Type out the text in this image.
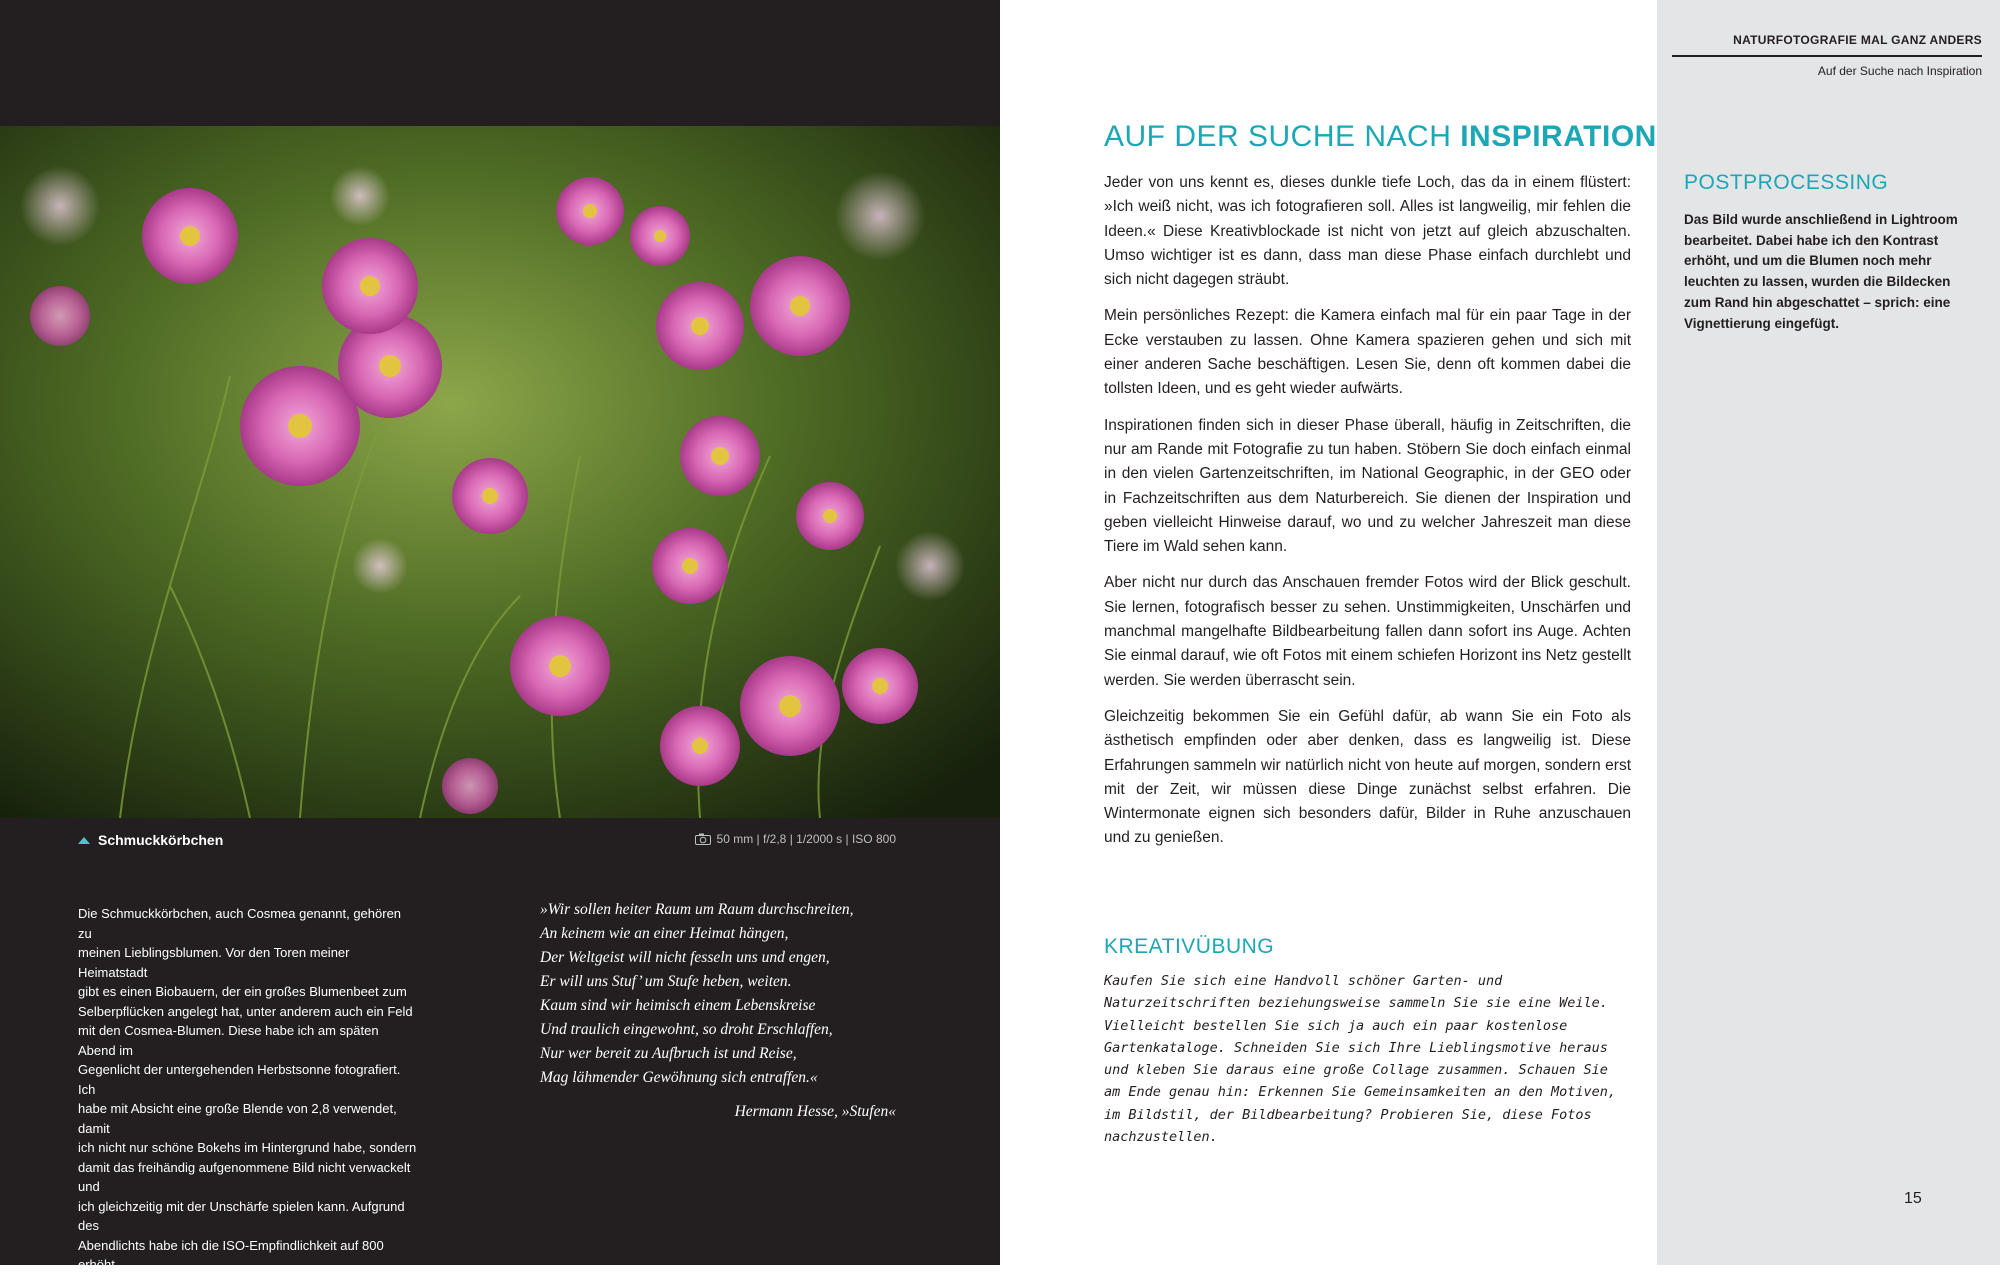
Schmuckkörbchen	50 mm | f/2,8 | 1/2000 s | ISO 800

Die Schmuckkörbchen, auch Cosmea genannt, gehören zu

meinen Lieblingsblumen. Vor den Toren meiner Heimatstadt

gibt es einen Biobauern, der ein großes Blumenbeet zum

Selberpflücken angelegt hat, unter anderem auch ein Feld

mit den Cosmea-Blumen. Diese habe ich am späten Abend im

Gegenlicht der untergehenden Herbstsonne fotografiert. Ich

habe mit Absicht eine große Blende von 2,8 verwendet, damit

ich nicht nur schöne Bokehs im Hintergrund habe, sondern

damit das freihändig aufgenommene Bild nicht verwackelt und

ich gleichzeitig mit der Unschärfe spielen kann. Aufgrund des

Abendlichts habe ich die ISO-Empfindlichkeit auf 800 erhöht.

»Wir sollen heiter Raum um Raum durchschreiten,
An keinem wie an einer Heimat hängen,
Der Weltgeist will nicht fesseln uns und engen,
Er will uns Stuf’ um Stufe heben, weiten.
Kaum sind wir heimisch einem Lebenskreise
Und traulich eingewohnt, so droht Erschlaffen,
Nur wer bereit zu Aufbruch ist und Reise,
Mag lähmender Gewöhnung sich entraffen.«
Hermann Hesse, »Stufen«
AUF DER SUCHE NACH INSPIRATION

Jeder von uns kennt es, dieses dunkle tiefe Loch, das da in einem flüstert: »Ich weiß nicht, was ich fotografieren soll. Alles ist langweilig, mir fehlen die Ideen.« Diese Kreativblockade ist nicht von jetzt auf gleich abzuschalten. Umso wichtiger ist es dann, dass man diese Phase einfach durchlebt und sich nicht dagegen sträubt.

Mein persönliches Rezept: die Kamera einfach mal für ein paar Tage in der Ecke verstauben zu lassen. Ohne Kamera spazieren gehen und sich mit einer anderen Sache beschäftigen. Lesen Sie, denn oft kommen dabei die tollsten Ideen, und es geht wieder aufwärts.

Inspirationen finden sich in dieser Phase überall, häufig in Zeitschriften, die nur am Rande mit Fotografie zu tun haben. Stöbern Sie doch einfach einmal in den vielen Gartenzeitschriften, im National Geographic, in der GEO oder in Fachzeitschriften aus dem Naturbereich. Sie dienen der Inspiration und geben vielleicht Hinweise darauf, wo und zu welcher Jahreszeit man diese Tiere im Wald sehen kann.

Aber nicht nur durch das Anschauen fremder Fotos wird der Blick geschult. Sie lernen, fotografisch besser zu sehen. Unstimmigkeiten, Unschärfen und manchmal mangelhafte Bildbearbeitung fallen dann sofort ins Auge. Achten Sie einmal darauf, wie oft Fotos mit einem schiefen Horizont ins Netz gestellt werden. Sie werden überrascht sein.

Gleichzeitig bekommen Sie ein Gefühl dafür, ab wann Sie ein Foto als ästhetisch empfinden oder aber denken, dass es langweilig ist. Diese Erfahrungen sammeln wir natürlich nicht von heute auf morgen, sondern erst mit der Zeit, wir müssen diese Dinge zunächst selbst erfahren. Die Wintermonate eignen sich besonders dafür, Bilder in Ruhe anzuschauen und zu genießen.

KREATIVÜBUNG
Kaufen Sie sich eine Handvoll schöner Garten- und Naturzeitschriften beziehungsweise sammeln Sie sie eine Weile. Vielleicht bestellen Sie sich ja auch ein paar kostenlose Gartenkataloge. Schneiden Sie sich Ihre Lieblingsmotive heraus und kleben Sie daraus eine große Collage zusammen. Schauen Sie am Ende genau hin: Erkennen Sie Gemeinsamkeiten an den Motiven, im Bildstil, der Bildbearbeitung? Probieren Sie, diese Fotos nachzustellen.
NATURFOTOGRAFIE MAL GANZ ANDERS
Auf der Suche nach Inspiration
POSTPROCESSING
Das Bild wurde anschließend in Lightroom bearbeitet. Dabei habe ich den Kontrast erhöht, und um die Blumen noch mehr leuchten zu lassen, wurden die Bildecken zum Rand hin abgeschattet – sprich: eine Vignettierung eingefügt.
15
